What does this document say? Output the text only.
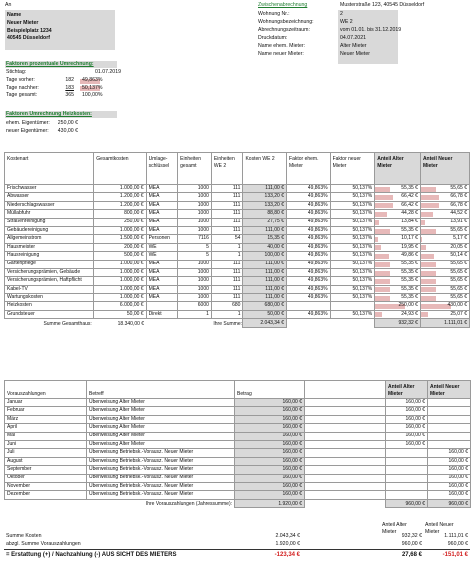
An
Name
Neuer Mieter
Beispielplatz 1234
40545 Düsseldorf
Zwischenabrechnung	Musterstraße 123, 40545 Düsseldorf
Wohnung Nr.:	2
Wohnungsbezeichnung:	WE 2
Abrechnungszeitraum:	vom 01.01. bis 31.12.2019
Druckdatum:	04.07.2021
Name ehem. Mieter:	Alter Mieter
Name neuer Mieter:	Neuer Mieter
Faktoren prozentuale Umrechnung:
Stichtag:	01.07.2019
Tage vorher:	182 49,863%
Tage nachher:	183 50,137%
Tage gesamt:	365 100,00%
Faktoren Umrechnung Heizkosten:
ehem. Eigentümer: 250,00 €
neuer Eigentümer: 430,00 €
Kostenart	Gesamtkosten	Umlage-schlüssel	Einheiten gesamt	Einheiten WE 2	Kosten WE 2	Faktor ehem. Mieter	Faktor neuer Mieter	Anteil Alter Mieter	Anteil Neuer Mieter
Frischwasser	1.000,00 €	MEA	1000	111	111,00 €	49,863%	50,137%	55,35 €	55,65 €
Abwasser	1.200,00 €	MEA	1000	111	133,20 €	49,863%	50,137%	66,42 €	66,78 €
Niederschlagswasser	1.200,00 €	MEA	1000	111	133,20 €	49,863%	50,137%	66,42 €	66,78 €
Müllabfuhr	800,00 €	MEA	1000	111	88,80 €	49,863%	50,137%	44,28 €	44,52 €
Straßenreinigung	250,00 €	MEA	1000	111	27,75 €	49,863%	50,137%	13,84 €	13,91 €
Gebäudereinigung	1.000,00 €	MEA	1000	111	111,00 €	49,863%	50,137%	55,35 €	55,65 €
Allgemeinstrom	1.500,00 €	Personen	7116	54	15,35 €	49,863%	50,137%	10,17 €	5,17 €
Hausmeister	200,00 €	WE	5	1	40,00 €	49,863%	50,137%	19,95 €	20,05 €
Hausreinigung	500,00 €	WE	5	1	100,00 €	49,863%	50,137%	49,86 €	50,14 €
Gartenpflege	1.000,00 €	MEA	1000	111	111,00 €	49,863%	50,137%	55,35 €	55,65 €
Versicherungsprämien, Gebäude	1.000,00 €	MEA	1000	111	111,00 €	49,863%	50,137%	55,35 €	55,65 €
Versicherungsprämien, Haftpflicht	1.000,00 €	MEA	1000	111	111,00 €	49,863%	50,137%	55,35 €	55,65 €
Kabel-TV	1.000,00 €	MEA	1000	111	111,00 €	49,863%	50,137%	55,35 €	55,65 €
Wartungskosten	1.000,00 €	MEA	1000	111	111,00 €	49,863%	50,137%	55,35 €	55,65 €
Heizkosten	6.000,00 €		6000	680	680,00 €			250,00 €	430,00 €
Grundsteuer	50,00 €	Direkt	1	1	50,00 €	49,863%	50,137%	24,93 €	25,07 €
Summe Gesamthaus:	18.340,00 €			Ihre Summe:	2.043,34 €			932,32 €	1.111,01 €
Vorauszahlungen	Betreff	Betrag		Anteil Alter Mieter	Anteil Neuer Mieter
Januar	Überweisung Alter Mieter	160,00 €		160,00 €	
Februar	Überweisung Alter Mieter	160,00 €		160,00 €	
März	Überweisung Alter Mieter	160,00 €		160,00 €	
April	Überweisung Alter Mieter	160,00 €		160,00 €	
Mai	Überweisung Alter Mieter	160,00 €		160,00 €	
Juni	Überweisung Alter Mieter	160,00 €		160,00 €	
Juli	Überweisung Betriebsk.-Vorausz. Neuer Mieter	160,00 €			160,00 €
August	Überweisung Betriebsk.-Vorausz. Neuer Mieter	160,00 €			160,00 €
September	Überweisung Betriebsk.-Vorausz. Neuer Mieter	160,00 €			160,00 €
Oktober	Überweisung Betriebsk.-Vorausz. Neuer Mieter	160,00 €			160,00 €
November	Überweisung Betriebsk.-Vorausz. Neuer Mieter	160,00 €			160,00 €
Dezember	Überweisung Betriebsk.-Vorausz. Neuer Mieter	160,00 €			160,00 €
Ihre Vorauszahlungen (Jahressumme):		1.920,00 €		960,00 €	960,00 €
Anteil Alter Mieter
Anteil Neuer Mieter
Summe Kosten	2.043,34 €	932,32 €	1.111,01 €
abzgl. Summe Vorauszahlungen	1.920,00 €	960,00 €	960,00 €
= Erstattung (+) / Nachzahlung (-) AUS SICHT DES MIETERS	-123,34 €	27,68 €	-151,01 €
